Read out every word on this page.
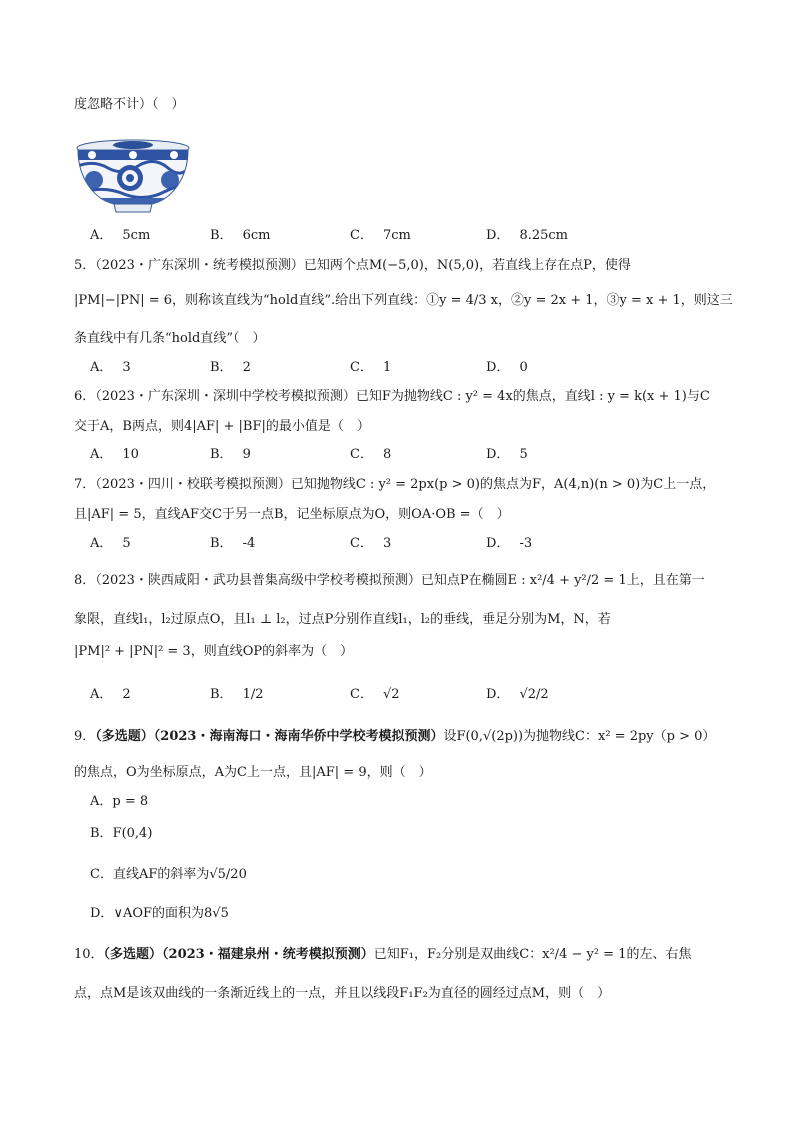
度忽略不计）（　）
A． 5cm	B． 6cm	C． 7cm	D． 8.25cm
5．（2023・广东深圳・统考模拟预测）已知两个点M(−5,0)，N(5,0)，若直线上存在点P，使得
|PM|−|PN| = 6，则称该直线为“hold直线”.给出下列直线：①y = 4/3 x，②y = 2x + 1，③y = x + 1，则这三
条直线中有几条“hold直线”（　）
A． 3	B． 2	C． 1	D． 0
6．（2023・广东深圳・深圳中学校考模拟预测）已知F为抛物线C : y² = 4x的焦点，直线l : y = k(x + 1)与C
交于A，B两点，则4|AF| + |BF|的最小值是（　）
A． 10	B． 9	C． 8	D． 5
7．（2023・四川・校联考模拟预测）已知抛物线C : y² = 2px(p > 0)的焦点为F，A(4,n)(n > 0)为C上一点，
且|AF| = 5，直线AF交C于另一点B，记坐标原点为O，则OA·OB =（　）
A． 5	B． -4	C． 3	D． -3
8．（2023・陕西咸阳・武功县普集高级中学校考模拟预测）已知点P在椭圆E : x²/4 + y²/2 = 1上，且在第一
象限，直线l₁，l₂过原点O，且l₁ ⊥ l₂，过点P分别作直线l₁，l₂的垂线，垂足分别为M，N，若
|PM|² + |PN|² = 3，则直线OP的斜率为（　）
A． 2	B． 1/2	C． √2	D． √2/2
9．（多选题）（2023・海南海口・海南华侨中学校考模拟预测）设F(0,√(2p))为抛物线C：x² = 2py（p > 0）
的焦点，O为坐标原点，A为C上一点，且|AF| = 9，则（　）
A．p = 8
B．F(0,4)
C．直线AF的斜率为√5/20
D．∨AOF的面积为8√5
10．（多选题）（2023・福建泉州・统考模拟预测）已知F₁，F₂分别是双曲线C：x²/4 − y² = 1的左、右焦
点，点M是该双曲线的一条渐近线上的一点，并且以线段F₁F₂为直径的圆经过点M，则（　）
